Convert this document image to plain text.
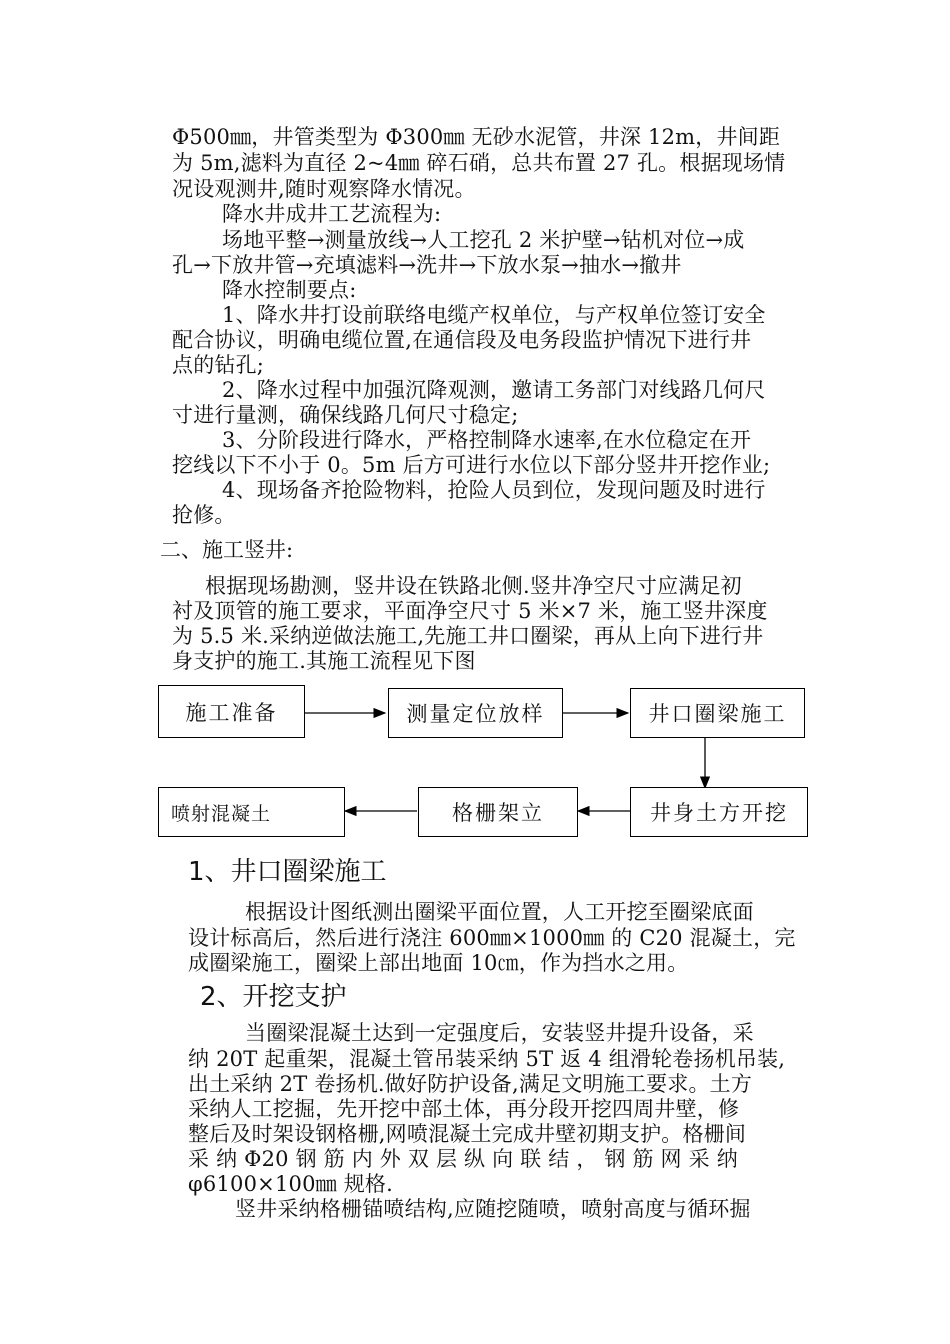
Φ500㎜，井管类型为 Φ300㎜ 无砂水泥管，井深 12m，井间距
为 5m,滤料为直径 2~4㎜ 碎石硝，总共布置 27 孔。根据现场情
况设观测井,随时观察降水情况。
降水井成井工艺流程为:
场地平整→测量放线→人工挖孔 2 米护壁→钻机对位→成
孔→下放井管→充填滤料→洗井→下放水泵→抽水→撤井
降水控制要点:
1、降水井打设前联络电缆产权单位，与产权单位签订安全
配合协议，明确电缆位置,在通信段及电务段监护情况下进行井
点的钻孔;
2、降水过程中加强沉降观测，邀请工务部门对线路几何尺
寸进行量测，确保线路几何尺寸稳定;
3、分阶段进行降水，严格控制降水速率,在水位稳定在开
挖线以下不小于 0。5m 后方可进行水位以下部分竖井开挖作业;
4、现场备齐抢险物料，抢险人员到位，发现问题及时进行
抢修。
二、施工竖井:
根据现场勘测，竖井设在铁路北侧.竖井净空尺寸应满足初
衬及顶管的施工要求，平面净空尺寸 5 米×7 米，施工竖井深度
为 5.5 米.采纳逆做法施工,先施工井口圈梁，再从上向下进行井
身支护的施工.其施工流程见下图
施工准备	测量定位放样	井口圈梁施工
井身土方开挖
格栅架立
喷射混凝土
1、井口圈梁施工
根据设计图纸测出圈梁平面位置，人工开挖至圈梁底面
设计标高后，然后进行浇注 600㎜×1000㎜ 的 C20 混凝土，完
成圈梁施工，圈梁上部出地面 10㎝，作为挡水之用。
2、开挖支护
当圈梁混凝土达到一定强度后，安装竖井提升设备，采
纳 20T 起重架，混凝土管吊装采纳 5T 返 4 组滑轮卷扬机吊装,
出土采纳 2T 卷扬机.做好防护设备,满足文明施工要求。土方
采纳人工挖掘，先开挖中部土体，再分段开挖四周井壁，修
整后及时架设钢格栅,网喷混凝土完成井壁初期支护。格栅间
采 纳 Φ20 钢 筋 内 外 双 层 纵 向 联 结 ， 钢 筋 网 采 纳
φ6100×100㎜ 规格.
竖井采纳格栅锚喷结构,应随挖随喷，喷射高度与循环掘
